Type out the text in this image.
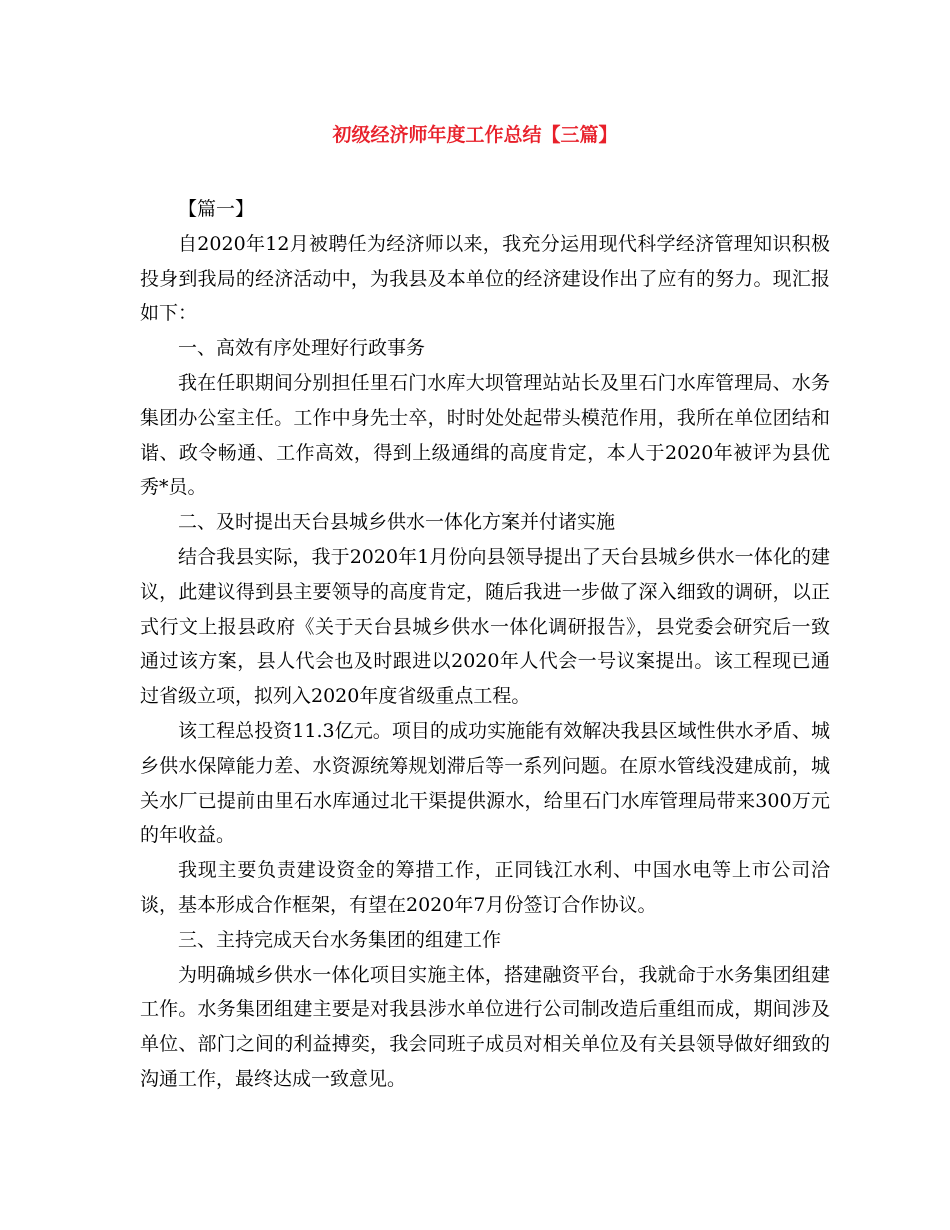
初级经济师年度工作总结【三篇】

【篇一】

自2020年12月被聘任为经济师以来，我充分运用现代科学经济管理知识积极投身到我局的经济活动中，为我县及本单位的经济建设作出了应有的努力。现汇报如下：

一、高效有序处理好行政事务

我在任职期间分别担任里石门水库大坝管理站站长及里石门水库管理局、水务集团办公室主任。工作中身先士卒，时时处处起带头模范作用，我所在单位团结和谐、政令畅通、工作高效，得到上级通缉的高度肯定，本人于2020年被评为县优秀*员。

二、及时提出天台县城乡供水一体化方案并付诸实施

结合我县实际，我于2020年1月份向县领导提出了天台县城乡供水一体化的建议，此建议得到县主要领导的高度肯定，随后我进一步做了深入细致的调研，以正式行文上报县政府《关于天台县城乡供水一体化调研报告》，县党委会研究后一致通过该方案，县人代会也及时跟进以2020年人代会一号议案提出。该工程现已通过省级立项，拟列入2020年度省级重点工程。

该工程总投资11.3亿元。项目的成功实施能有效解决我县区域性供水矛盾、城乡供水保障能力差、水资源统筹规划滞后等一系列问题。在原水管线没建成前，城关水厂已提前由里石水库通过北干渠提供源水，给里石门水库管理局带来300万元的年收益。

我现主要负责建设资金的筹措工作，正同钱江水利、中国水电等上市公司洽谈，基本形成合作框架，有望在2020年7月份签订合作协议。

三、主持完成天台水务集团的组建工作

为明确城乡供水一体化项目实施主体，搭建融资平台，我就命于水务集团组建工作。水务集团组建主要是对我县涉水单位进行公司制改造后重组而成，期间涉及单位、部门之间的利益搏奕，我会同班子成员对相关单位及有关县领导做好细致的沟通工作，最终达成一致意见。
